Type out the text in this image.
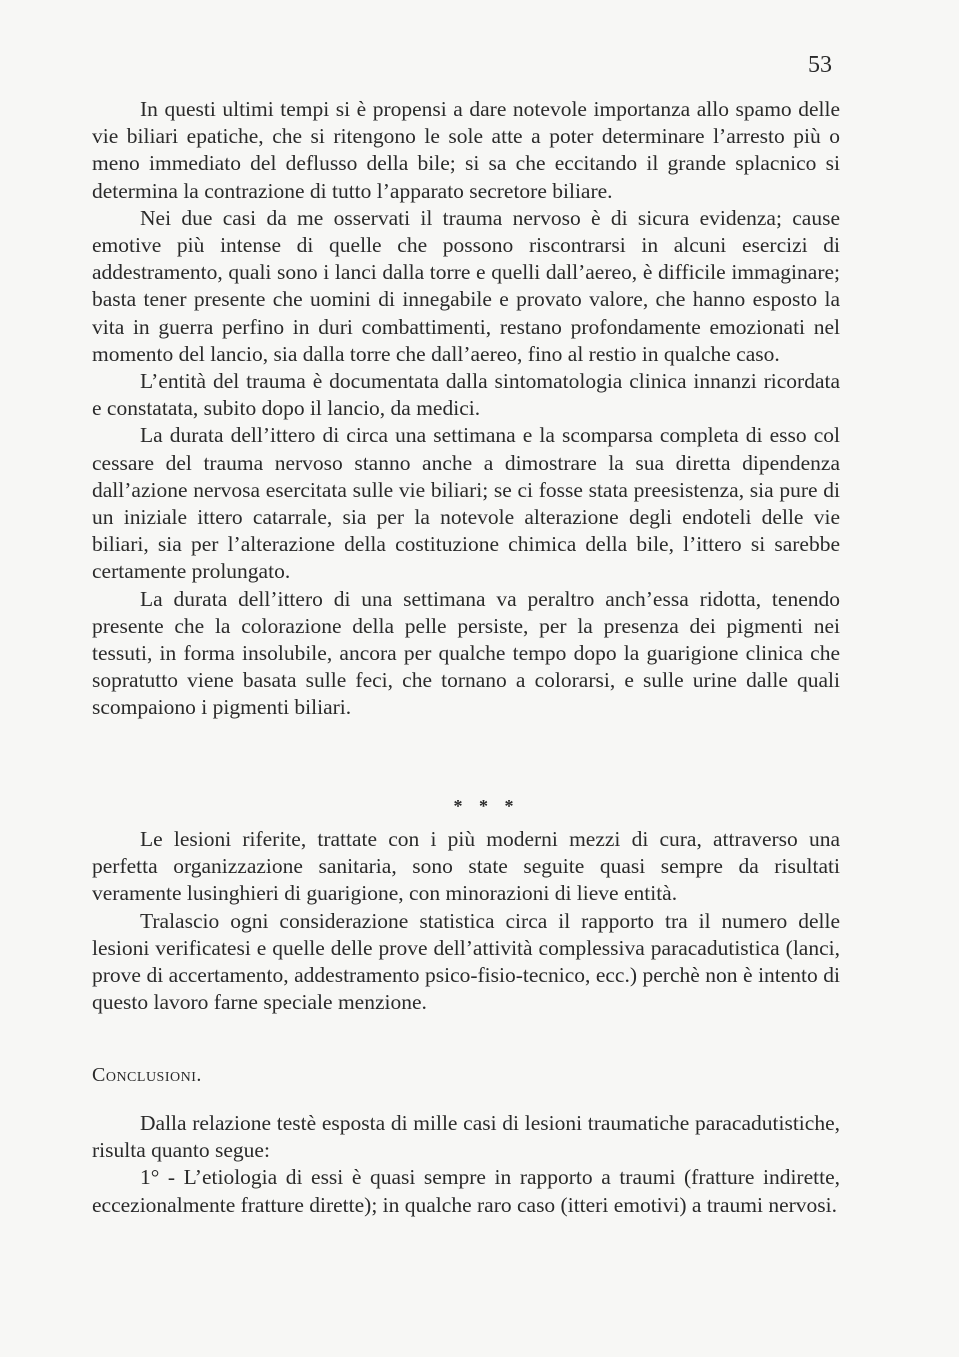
53

In questi ultimi tempi si è propensi a dare notevole importanza allo spamo delle vie biliari epatiche, che si ritengono le sole atte a poter determinare l’arresto più o meno immediato del deflusso della bile; si sa che eccitando il grande splacnico si determina la contrazione di tutto l’apparato secretore biliare.

Nei due casi da me osservati il trauma nervoso è di sicura evidenza; cause emotive più intense di quelle che possono riscontrarsi in alcuni esercizi di addestramento, quali sono i lanci dalla torre e quelli dall’aereo, è difficile immaginare; basta tener presente che uomini di innegabile e provato valore, che hanno esposto la vita in guerra perfino in duri combattimenti, restano profondamente emozionati nel momento del lancio, sia dalla torre che dall’aereo, fino al restio in qualche caso.

L’entità del trauma è documentata dalla sintomatologia clinica innanzi ricordata e constatata, subito dopo il lancio, da medici.

La durata dell’ittero di circa una settimana e la scomparsa completa di esso col cessare del trauma nervoso stanno anche a dimostrare la sua diretta dipendenza dall’azione nervosa esercitata sulle vie biliari; se ci fosse stata preesistenza, sia pure di un iniziale ittero catarrale, sia per la notevole alterazione degli endoteli delle vie biliari, sia per l’alterazione della costituzione chimica della bile, l’ittero si sarebbe certamente prolungato.

La durata dell’ittero di una settimana va peraltro anch’essa ridotta, tenendo presente che la colorazione della pelle persiste, per la presenza dei pigmenti nei tessuti, in forma insolubile, ancora per qualche tempo dopo la guarigione clinica che sopratutto viene basata sulle feci, che tornano a colorarsi, e sulle urine dalle quali scompaiono i pigmenti biliari.

* * *

Le lesioni riferite, trattate con i più moderni mezzi di cura, attraverso una perfetta organizzazione sanitaria, sono state seguite quasi sempre da risultati veramente lusinghieri di guarigione, con minorazioni di lieve entità.

Tralascio ogni considerazione statistica circa il rapporto tra il numero delle lesioni verificatesi e quelle delle prove dell’attività complessiva paracadutistica (lanci, prove di accertamento, addestramento psico-fisio-tecnico, ecc.) perchè non è intento di questo lavoro farne speciale menzione.

Conclusioni.

Dalla relazione testè esposta di mille casi di lesioni traumatiche paracadutistiche, risulta quanto segue:

1° - L’etiologia di essi è quasi sempre in rapporto a traumi (fratture indirette, eccezionalmente fratture dirette); in qualche raro caso (itteri emotivi) a traumi nervosi.
